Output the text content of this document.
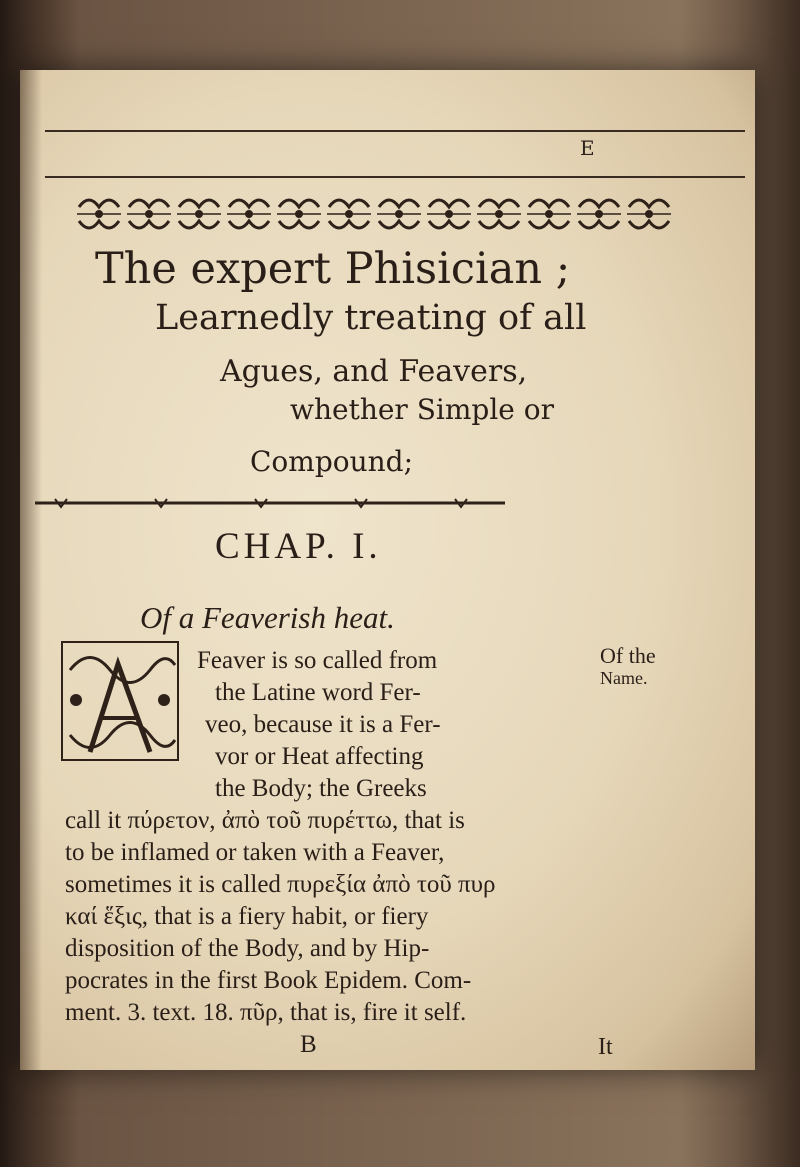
E
The expert Phisician ;
Learnedly treating of all
Agues, and Feavers,
whether Simple or
Compound;
CHAP. I.
Of a Feaverish heat.
Of the
Name.
Feaver is so called from
the Latine word Fer-
veo, because it is a Fer-
vor or Heat affecting
the Body; the Greeks
call it πύρετον, ἀπὸ τοῦ πυρέττω, that is
to be inflamed or taken with a Feaver,
sometimes it is called πυρεξία ἀπὸ τοῦ πυρ
καί ἕξις, that is a fiery habit, or fiery
disposition of the Body, and by Hip-
pocrates in the first Book Epidem. Com-
ment. 3. text. 18. πῦρ, that is, fire it self.
B	It
